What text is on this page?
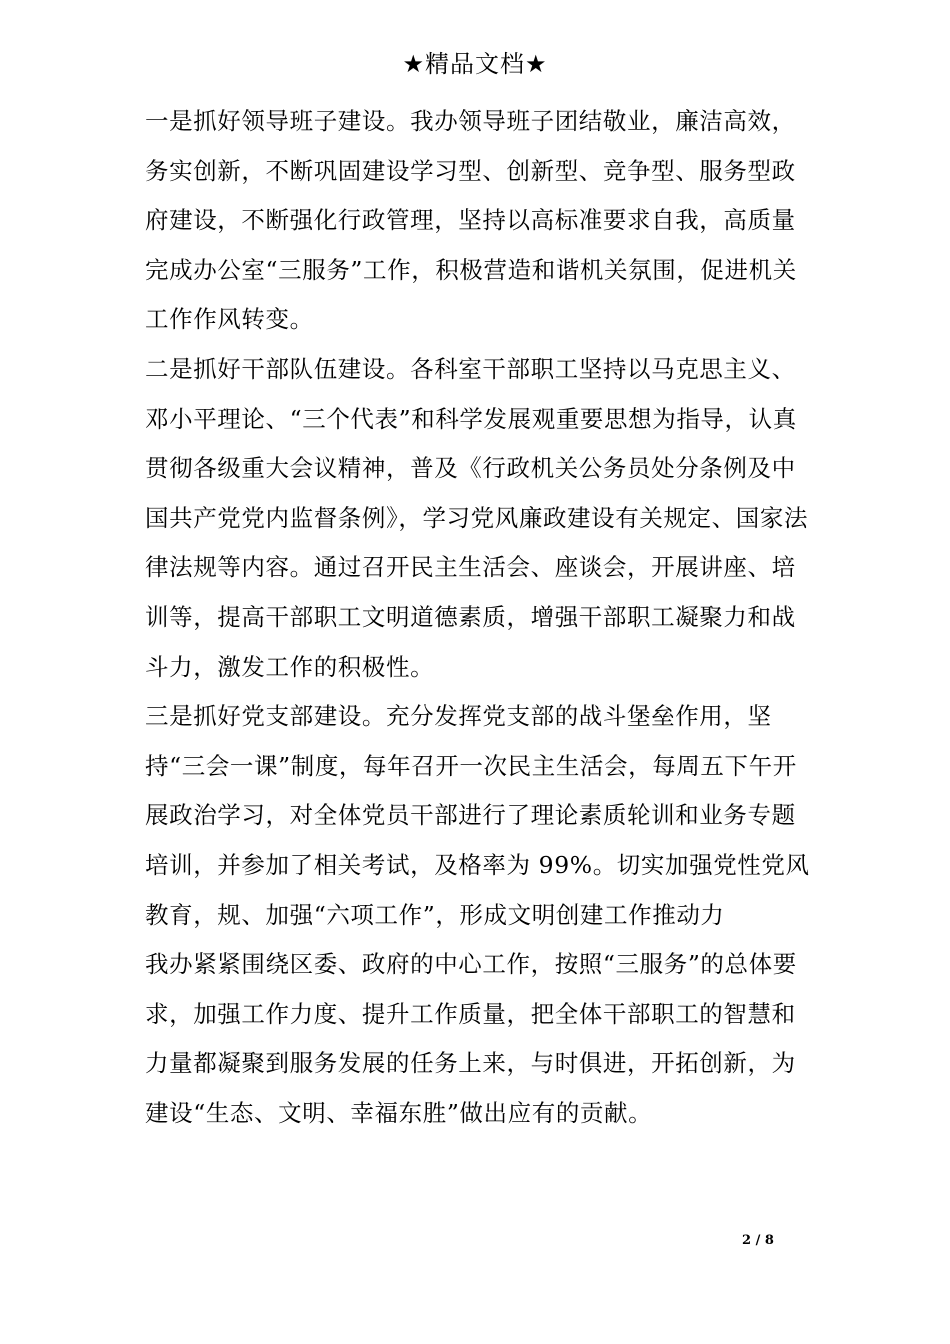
★精品文档★

一是抓好领导班子建设。我办领导班子团结敬业，廉洁高效，务实创新，不断巩固建设学习型、创新型、竞争型、服务型政府建设，不断强化行政管理，坚持以高标准要求自我，高质量完成办公室“三服务”工作，积极营造和谐机关氛围，促进机关工作作风转变。

二是抓好干部队伍建设。各科室干部职工坚持以马克思主义、邓小平理论、“三个代表”和科学发展观重要思想为指导，认真贯彻各级重大会议精神，普及《行政机关公务员处分条例及中国共产党党内监督条例》，学习党风廉政建设有关规定、国家法律法规等内容。通过召开民主生活会、座谈会，开展讲座、培训等，提高干部职工文明道德素质，增强干部职工凝聚力和战斗力，激发工作的积极性。

三是抓好党支部建设。充分发挥党支部的战斗堡垒作用，坚持“三会一课”制度，每年召开一次民主生活会，每周五下午开展政治学习，对全体党员干部进行了理论素质轮训和业务专题培训，并参加了相关考试，及格率为 99%。切实加强党性党风教育，规、加强“六项工作”，形成文明创建工作推动力

我办紧紧围绕区委、政府的中心工作，按照“三服务”的总体要求，加强工作力度、提升工作质量，把全体干部职工的智慧和力量都凝聚到服务发展的任务上来，与时俱进，开拓创新，为建设“生态、文明、幸福东胜”做出应有的贡献。

2 / 8
